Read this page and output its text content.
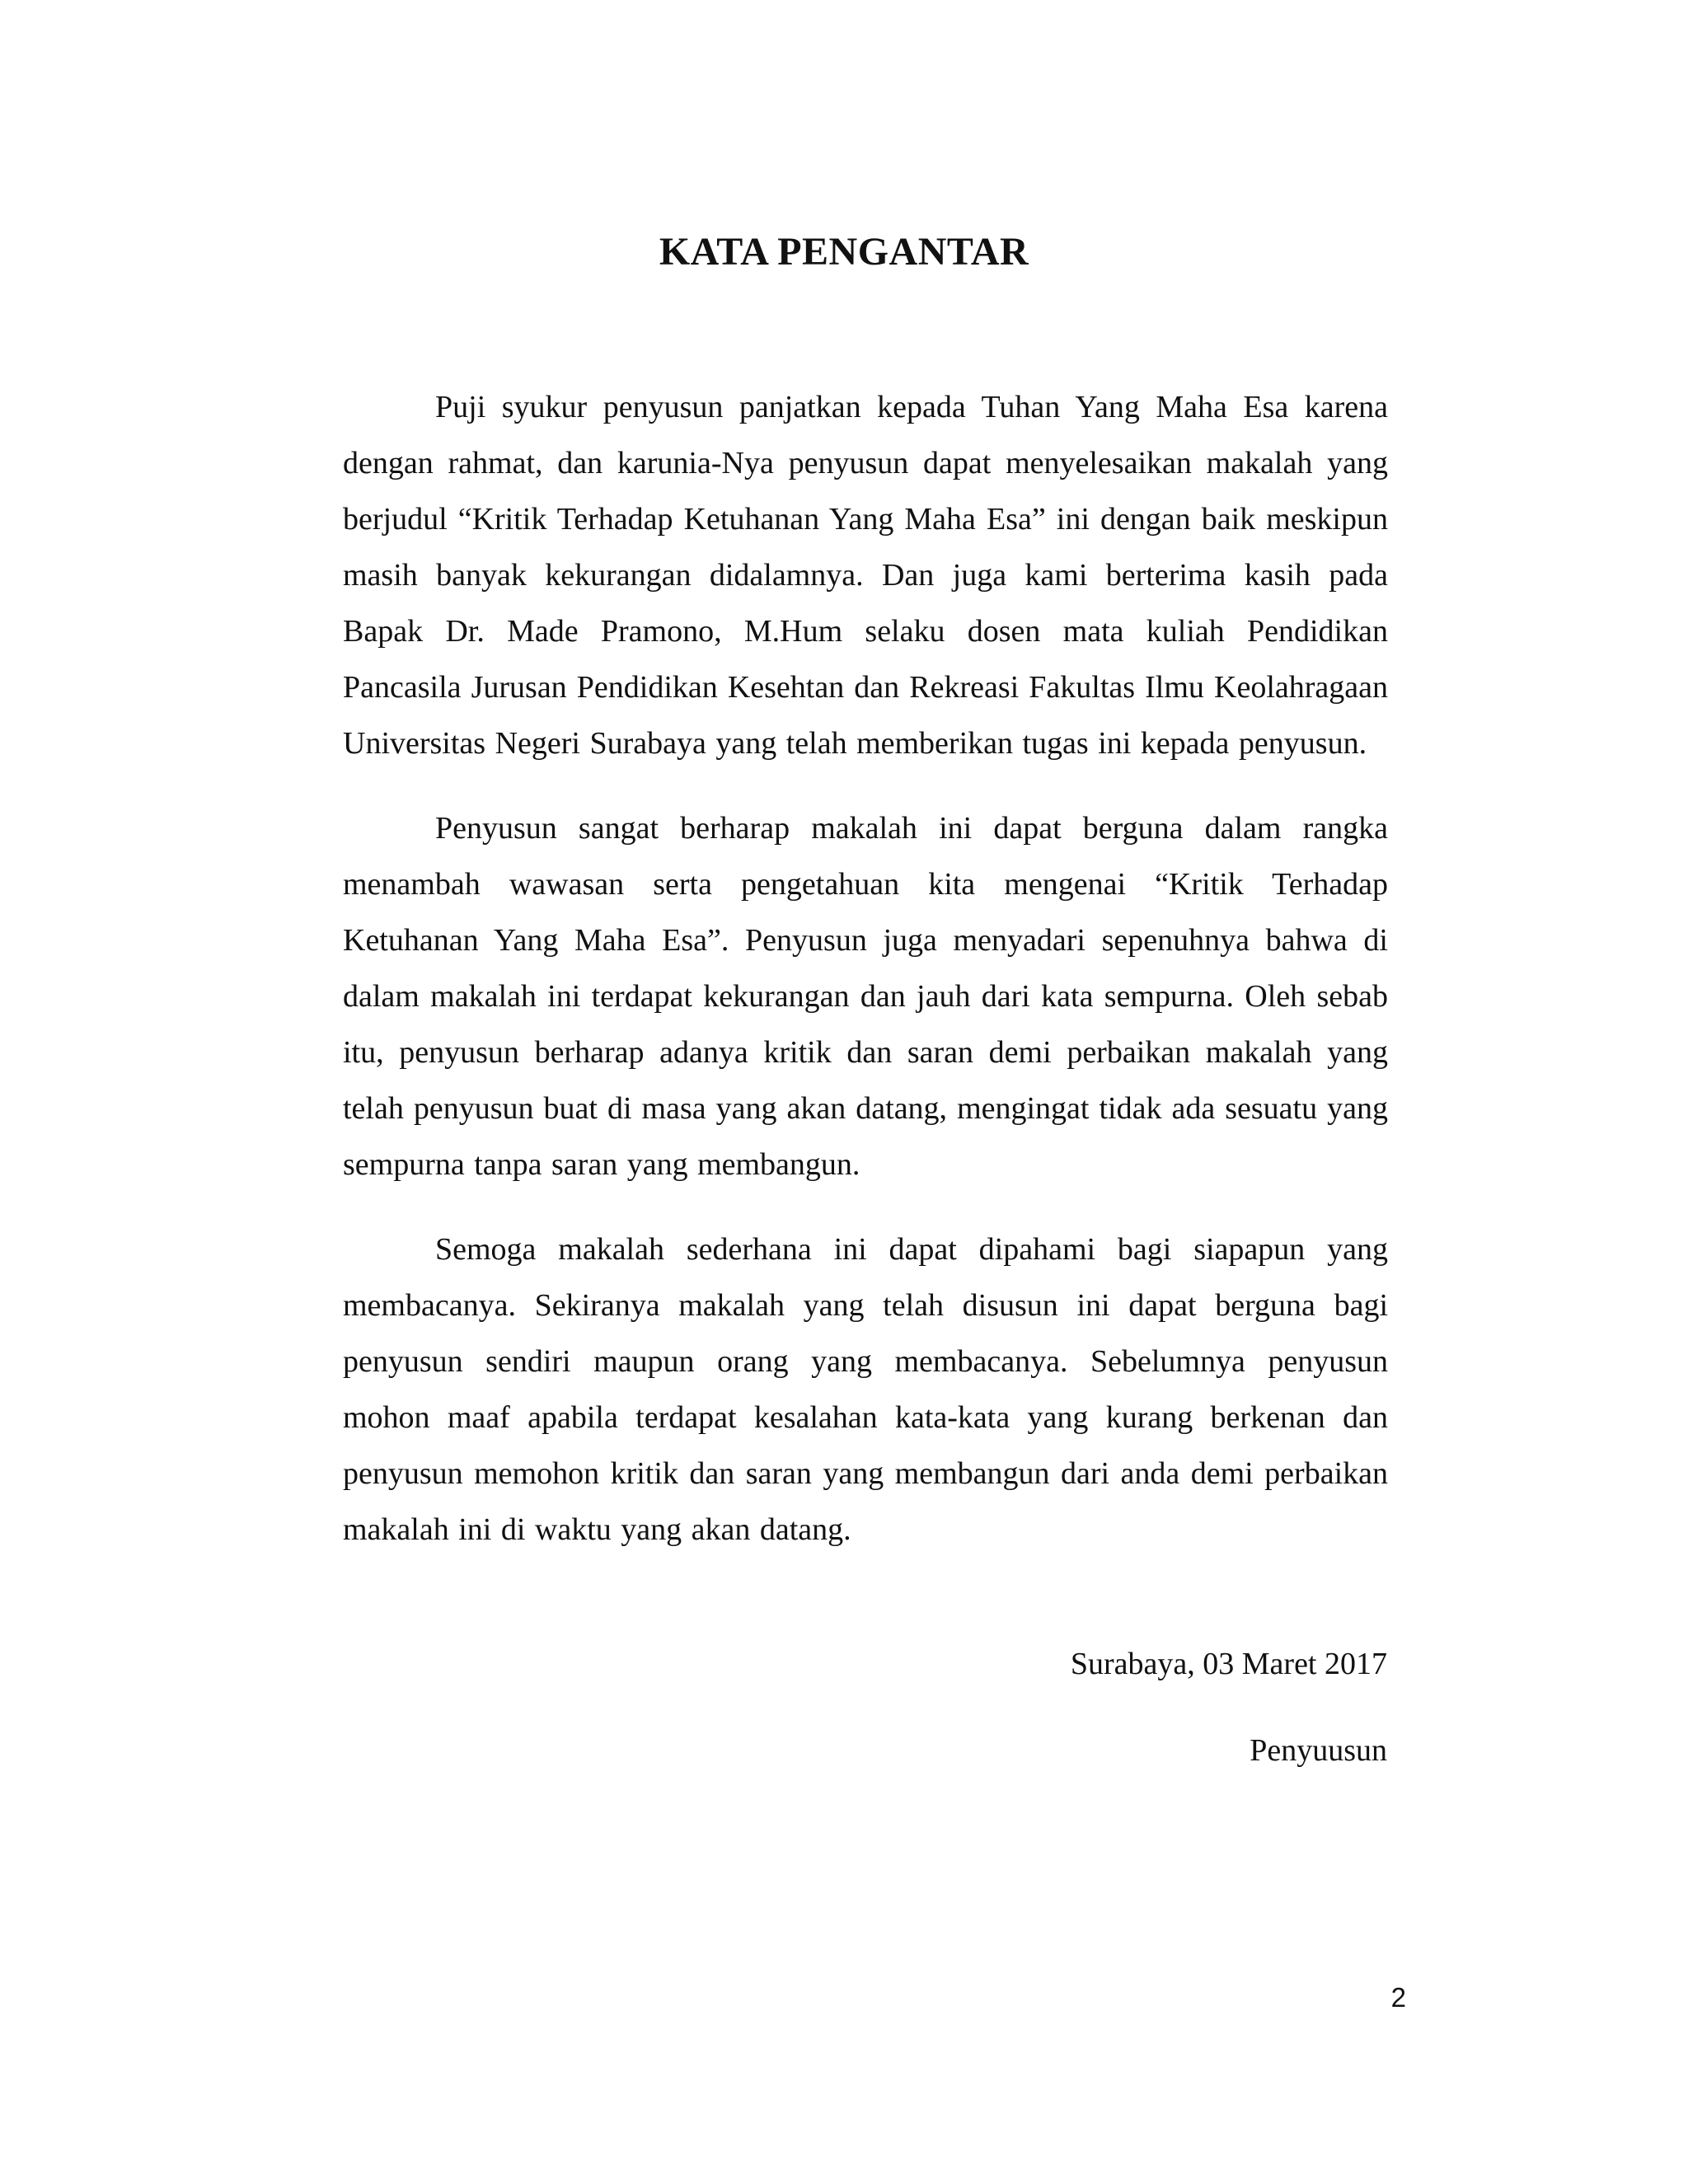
KATA PENGANTAR

Puji syukur penyusun panjatkan kepada Tuhan Yang Maha Esa karena dengan rahmat, dan karunia-Nya penyusun dapat menyelesaikan makalah yang berjudul “Kritik Terhadap Ketuhanan Yang Maha Esa” ini dengan baik meskipun masih banyak kekurangan didalamnya. Dan juga kami berterima kasih pada Bapak Dr. Made Pramono, M.Hum selaku dosen mata kuliah Pendidikan Pancasila Jurusan Pendidikan Kesehtan dan Rekreasi Fakultas Ilmu Keolahragaan Universitas Negeri Surabaya yang telah memberikan tugas ini kepada penyusun.

Penyusun sangat berharap makalah ini dapat berguna dalam rangka menambah wawasan serta pengetahuan kita mengenai “Kritik Terhadap Ketuhanan Yang Maha Esa”. Penyusun juga menyadari sepenuhnya bahwa di dalam makalah ini terdapat kekurangan dan jauh dari kata sempurna. Oleh sebab itu, penyusun berharap adanya kritik dan saran demi perbaikan makalah yang telah penyusun buat di masa yang akan datang, mengingat tidak ada sesuatu yang sempurna tanpa saran yang membangun.

Semoga makalah sederhana ini dapat dipahami bagi siapapun yang membacanya. Sekiranya makalah yang telah disusun ini dapat berguna bagi penyusun sendiri maupun orang yang membacanya. Sebelumnya penyusun mohon maaf apabila terdapat kesalahan kata-kata yang kurang berkenan dan penyusun memohon kritik dan saran yang membangun dari anda demi perbaikan makalah ini di waktu yang akan datang.

Surabaya, 03 Maret 2017

Penyuusun

2
